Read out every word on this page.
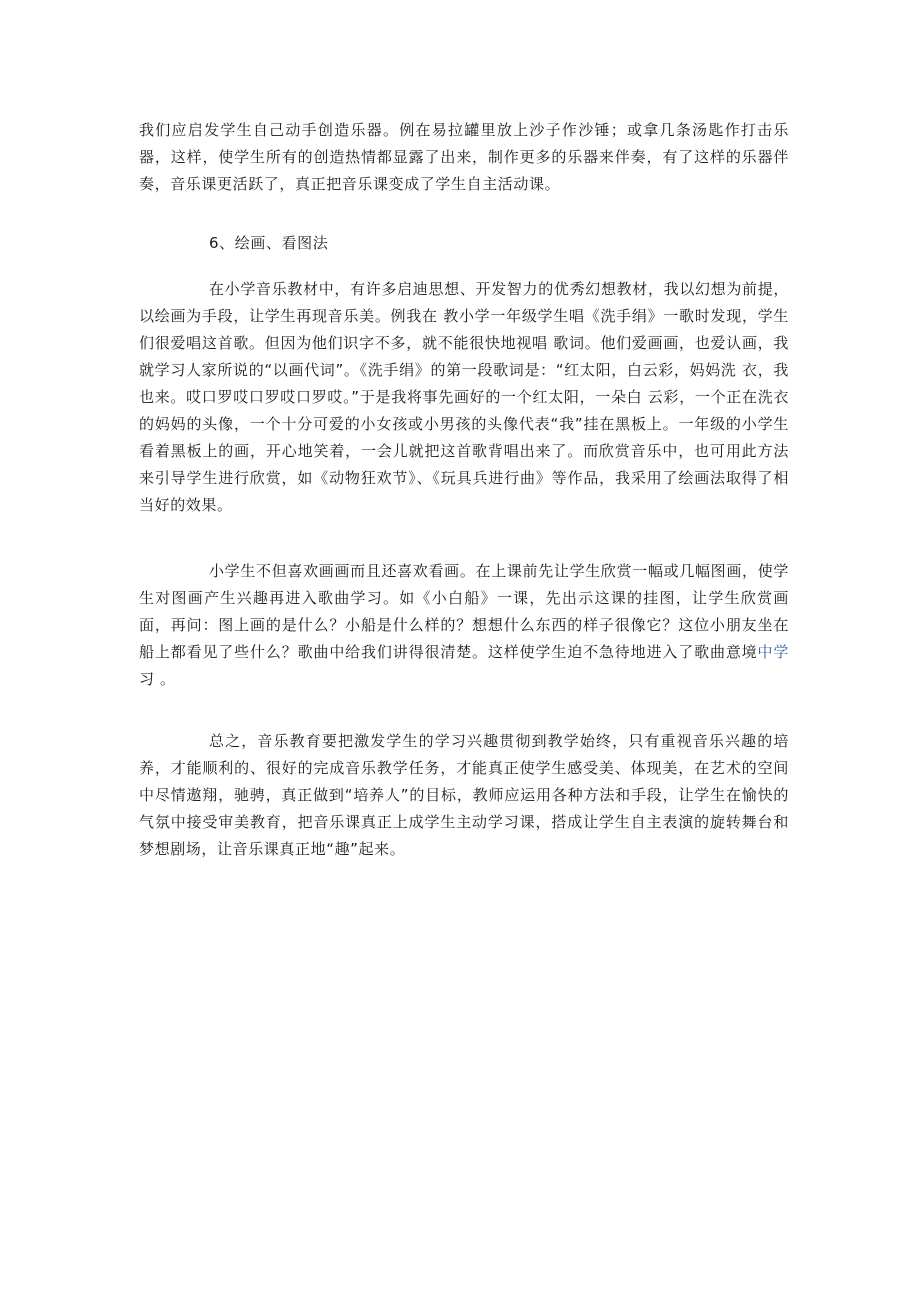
我们应启发学生自己动手创造乐器。例在易拉罐里放上沙子作沙锤；或拿几条汤匙作打击乐器，这样，使学生所有的创造热情都显露了出来，制作更多的乐器来伴奏，有了这样的乐器伴奏，音乐课更活跃了，真正把音乐课变成了学生自主活动课。

6、绘画、看图法

在小学音乐教材中，有许多启迪思想、开发智力的优秀幻想教材，我以幻想为前提，以绘画为手段，让学生再现音乐美。例我在 教小学一年级学生唱《洗手绢》一歌时发现，学生们很爱唱这首歌。但因为他们识字不多，就不能很快地视唱 歌词。他们爱画画，也爱认画，我就学习人家所说的“以画代词”。《洗手绢》的第一段歌词是：“红太阳，白云彩，妈妈洗 衣，我也来。哎口罗哎口罗哎口罗哎。”于是我将事先画好的一个红太阳，一朵白 云彩，一个正在洗衣的妈妈的头像，一个十分可爱的小女孩或小男孩的头像代表“我”挂在黑板上。一年级的小学生 看着黑板上的画，开心地笑着，一会儿就把这首歌背唱出来了。而欣赏音乐中，也可用此方法来引导学生进行欣赏，如《动物狂欢节》、《玩具兵进行曲》等作品，我采用了绘画法取得了相当好的效果。

小学生不但喜欢画画而且还喜欢看画。在上课前先让学生欣赏一幅或几幅图画，使学生对图画产生兴趣再进入歌曲学习。如《小白船》一课，先出示这课的挂图，让学生欣赏画面，再问：图上画的是什么？小船是什么样的？想想什么东西的样子很像它？这位小朋友坐在船上都看见了些什么？歌曲中给我们讲得很清楚。这样使学生迫不急待地进入了歌曲意境中学习 。

总之，音乐教育要把激发学生的学习兴趣贯彻到教学始终，只有重视音乐兴趣的培养，才能顺利的、很好的完成音乐教学任务，才能真正使学生感受美、体现美，在艺术的空间中尽情遨翔，驰骋，真正做到“培养人”的目标，教师应运用各种方法和手段，让学生在愉快的气氛中接受审美教育，把音乐课真正上成学生主动学习课，搭成让学生自主表演的旋转舞台和梦想剧场，让音乐课真正地“趣”起来。
